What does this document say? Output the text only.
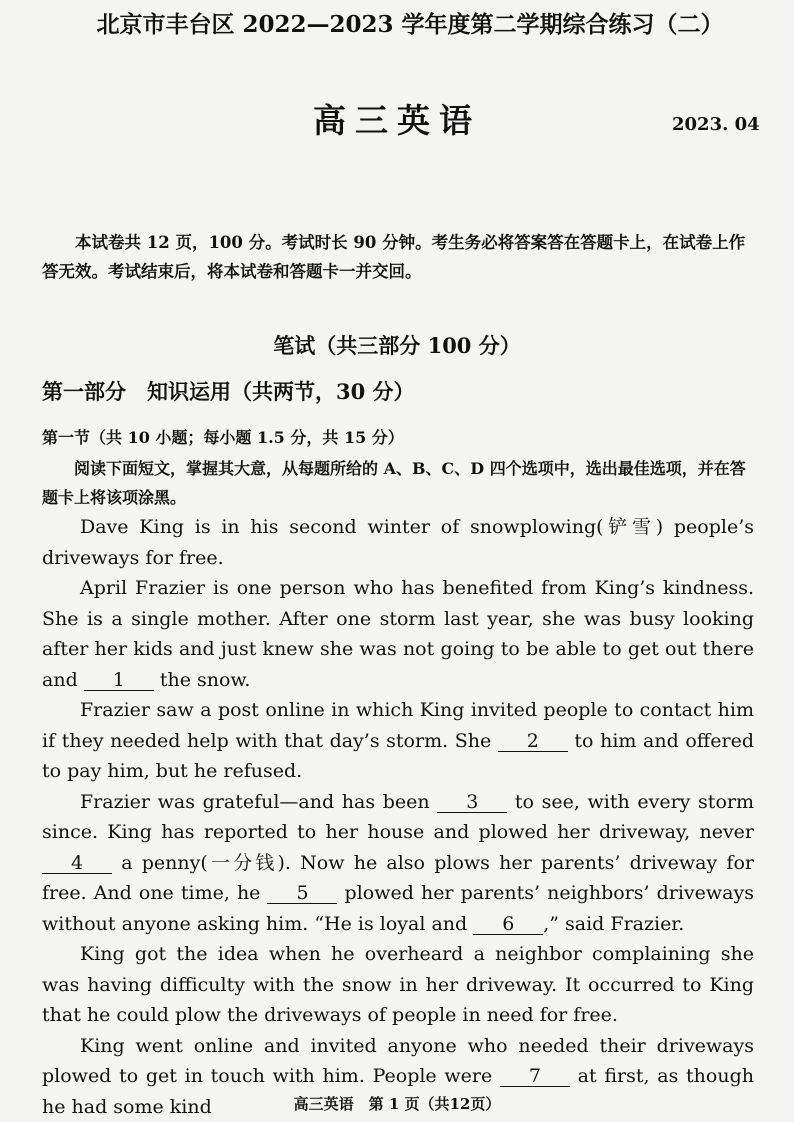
北京市丰台区 2022—2023 学年度第二学期综合练习（二）
高三英语	2023. 04
本试卷共 12 页，100 分。考试时长 90 分钟。考生务必将答案答在答题卡上，在试卷上作答无效。考试结束后，将本试卷和答题卡一并交回。
笔试（共三部分 100 分）
第一部分　知识运用（共两节，30 分）
第一节（共 10 小题；每小题 1.5 分，共 15 分）
阅读下面短文，掌握其大意，从每题所给的 A、B、C、D 四个选项中，选出最佳选项，并在答题卡上将该项涂黑。

Dave King is in his second winter of snowplowing(铲雪) people’s driveways for free.

April Frazier is one person who has benefited from King’s kindness. She is a single mother. After one storm last year, she was busy looking after her kids and just knew she was not going to be able to get out there and 1 the snow.

Frazier saw a post online in which King invited people to contact him if they needed help with that day’s storm. She 2 to him and offered to pay him, but he refused.

Frazier was grateful—and has been 3 to see, with every storm since. King has reported to her house and plowed her driveway, never 4 a penny(一分钱). Now he also plows her parents’ driveway for free. And one time, he 5 plowed her parents’ neighbors’ driveways without anyone asking him. “He is loyal and 6 ,” said Frazier.

King got the idea when he overheard a neighbor complaining she was having difficulty with the snow in her driveway. It occurred to King that he could plow the driveways of people in need for free.

King went online and invited anyone who needed their driveways plowed to get in touch with him. People were 7 at first, as though he had some kind	高三英语　第 1 页（共12页）
